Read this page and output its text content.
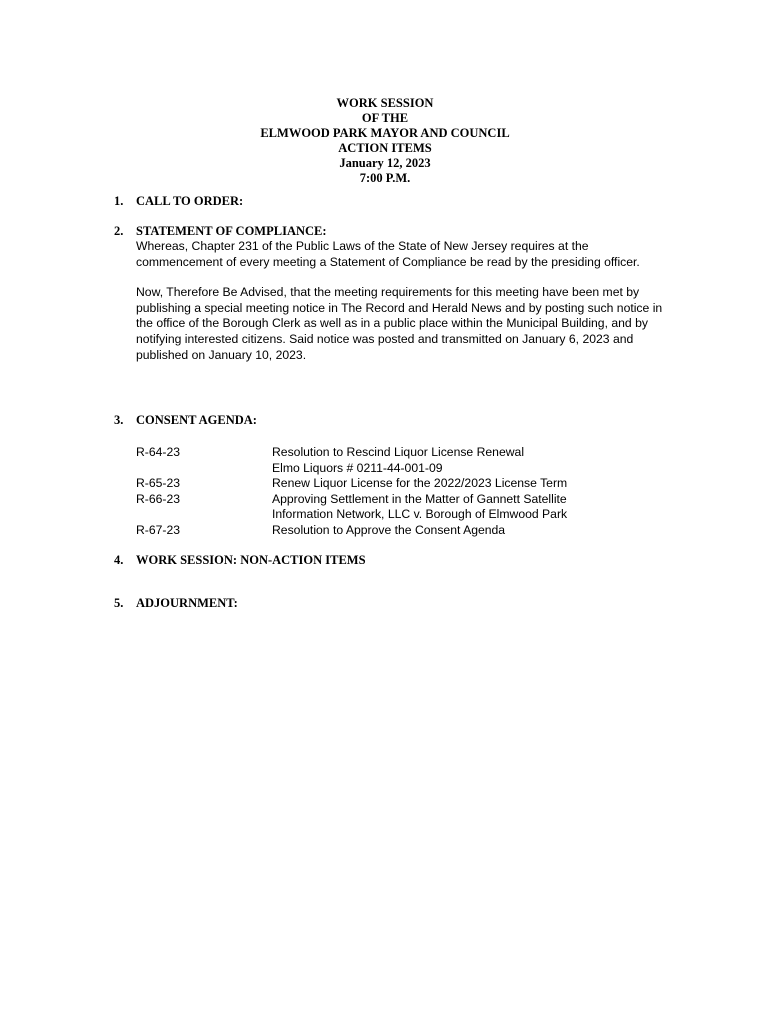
WORK SESSION
OF THE
ELMWOOD PARK MAYOR AND COUNCIL
ACTION ITEMS
January 12, 2023
7:00 P.M.
1. CALL TO ORDER:
2. STATEMENT OF COMPLIANCE:
Whereas, Chapter 231 of the Public Laws of the State of New Jersey requires at the commencement of every meeting a Statement of Compliance be read by the presiding officer.
Now, Therefore Be Advised, that the meeting requirements for this meeting have been met by publishing a special meeting notice in The Record and Herald News and by posting such notice in the office of the Borough Clerk as well as in a public place within the Municipal Building, and by notifying interested citizens. Said notice was posted and transmitted on January 6, 2023 and published on January 10, 2023.
3. CONSENT AGENDA:
R-64-23	Resolution to Rescind Liquor License Renewal
Elmo Liquors # 0211-44-001-09
R-65-23	Renew Liquor License for the 2022/2023 License Term
R-66-23	Approving Settlement in the Matter of Gannett Satellite
Information Network, LLC v. Borough of Elmwood Park
R-67-23	Resolution to Approve the Consent Agenda
4. WORK SESSION: NON-ACTION ITEMS
5. ADJOURNMENT:
